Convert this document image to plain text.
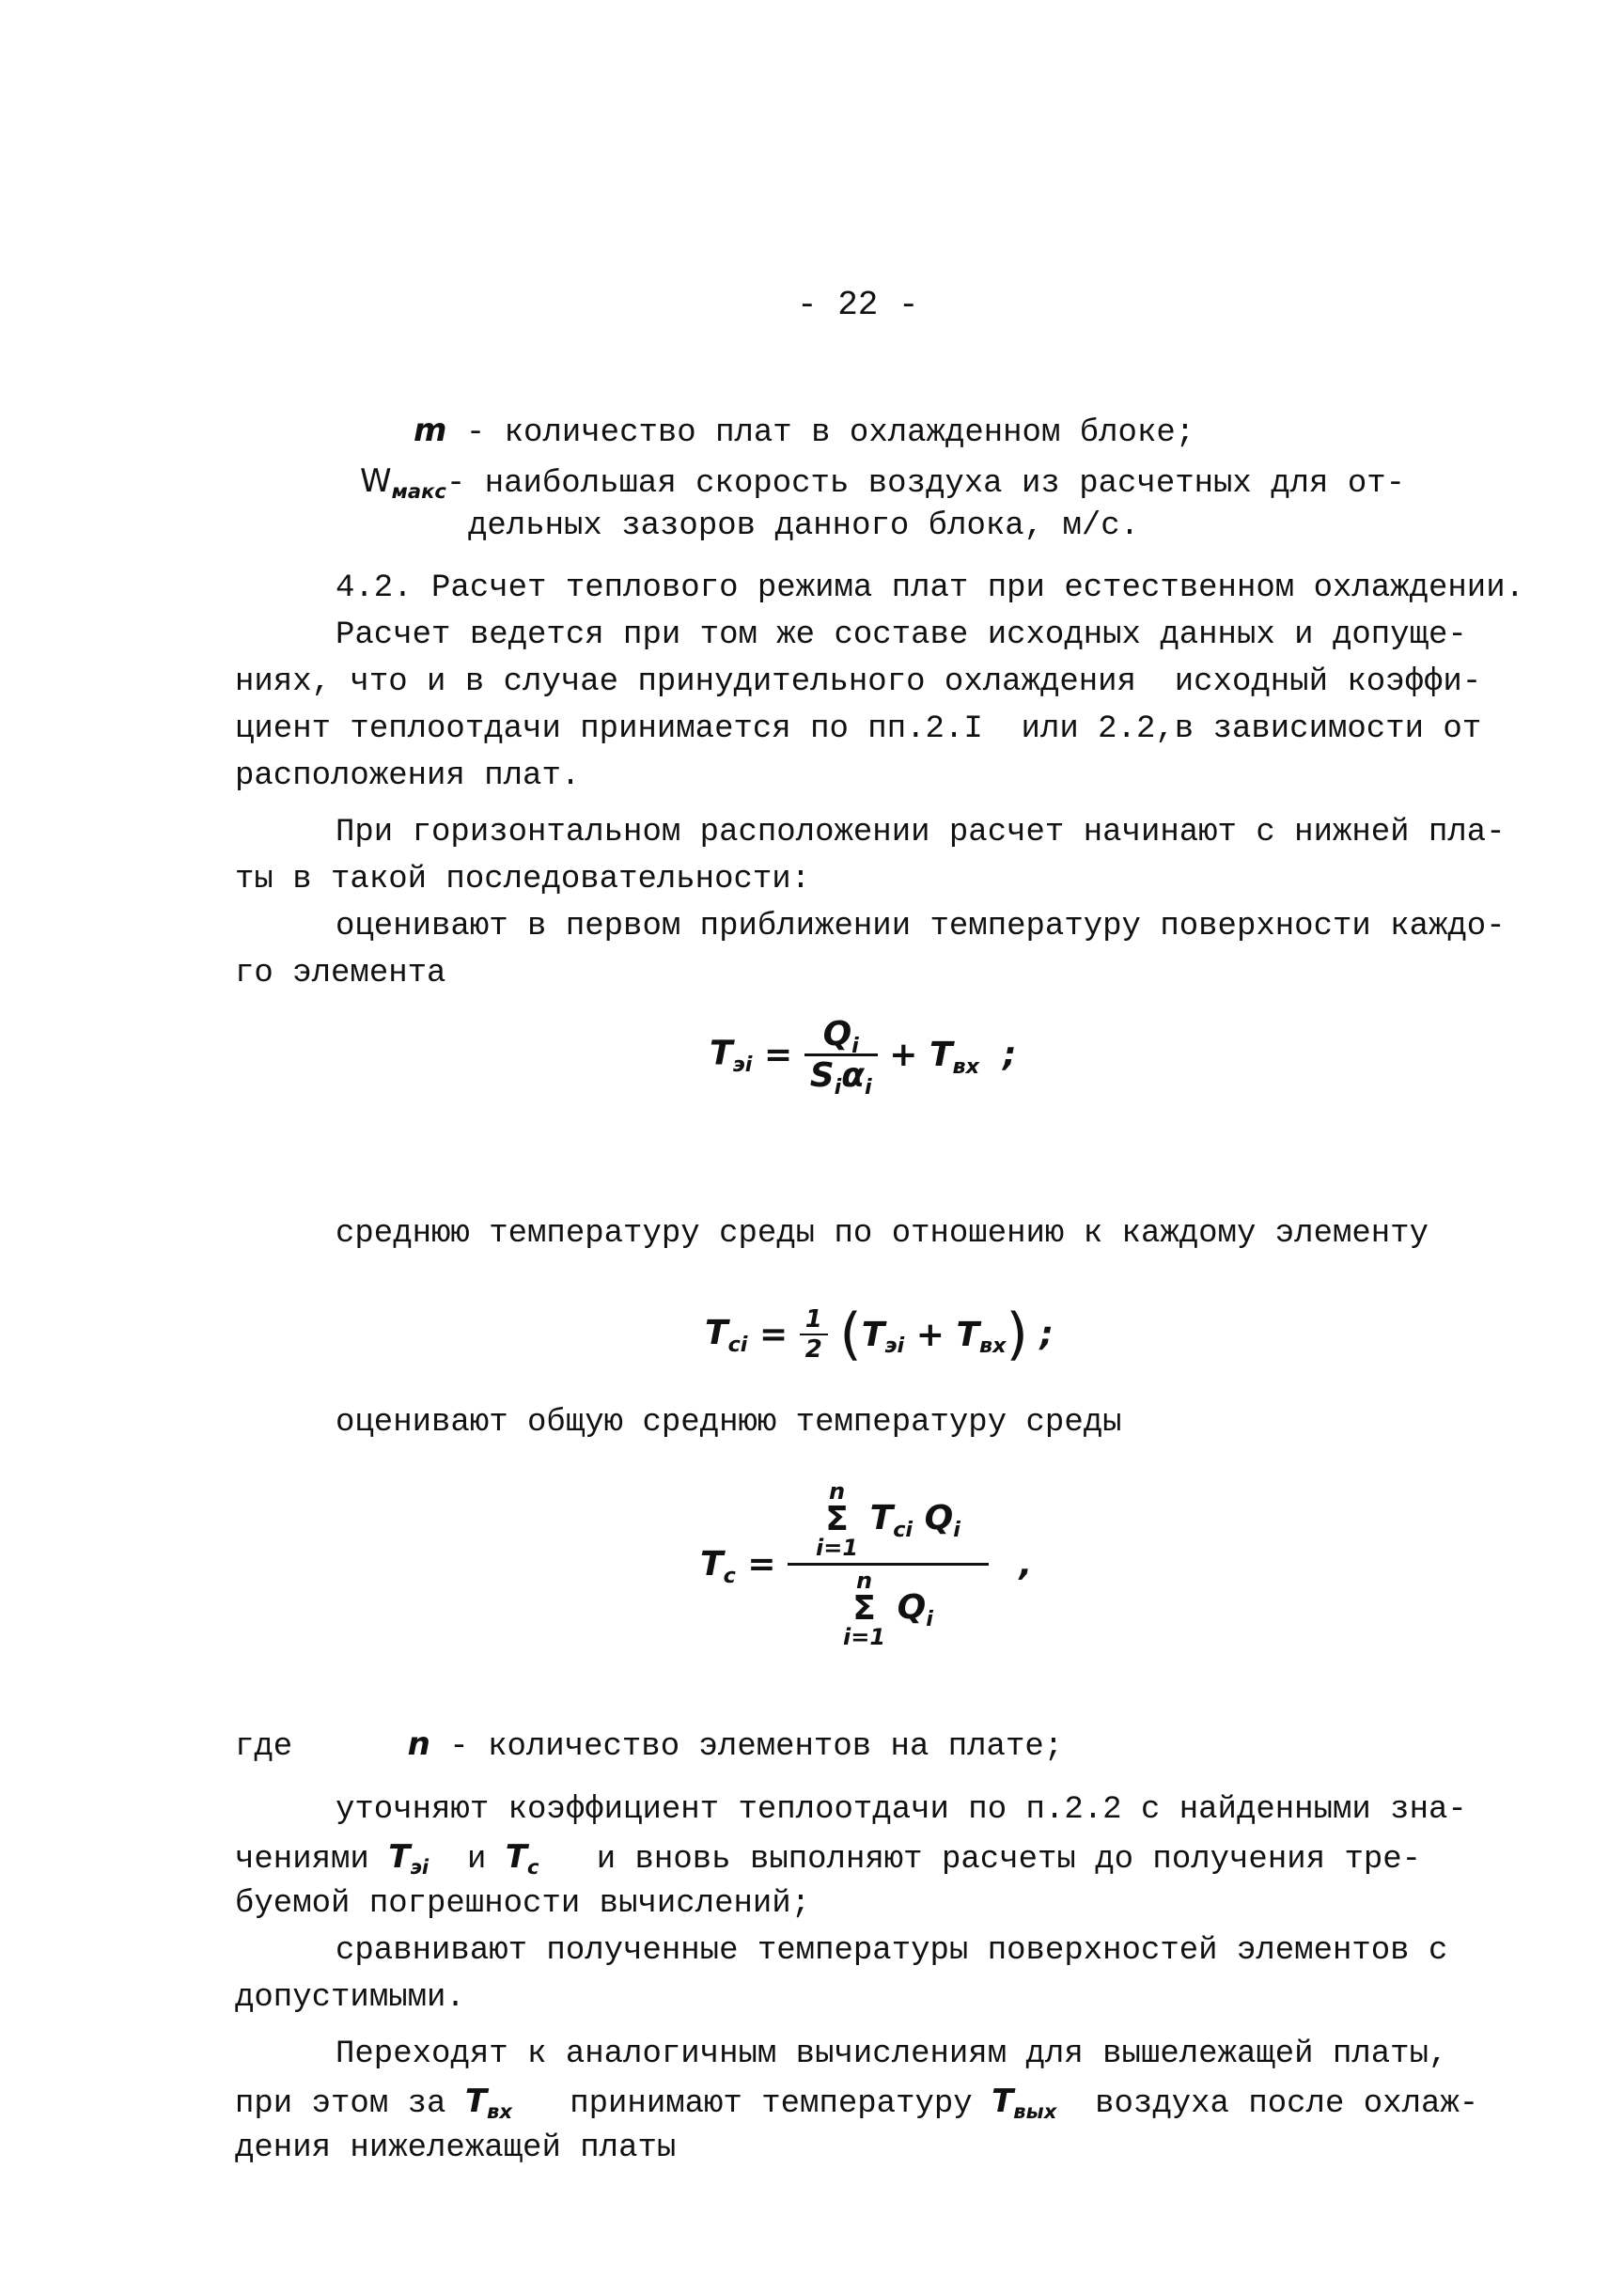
- 22 -
m - количество плат в охлажденном блоке;
$W_{макс}-$ наибольшая скорость воздуха из расчетных для от-
дельных зазоров данного блока, м/с.
4.2. Расчет теплового режима плат при естественном охлаждении.
Расчет ведется при том же составе исходных данных и допуще-
ниях, что и в случае принудительного охлаждения  исходный коэффи-
циент теплоотдачи принимается по пп.2.I  или 2.2,в зависимости от
расположения плат.
При горизонтальном расположении расчет начинают с нижней пла-
ты в такой последовательности:
оценивают в первом приближении температуру поверхности каждо-
го элемента
$T_{эi} = \frac{Q_i}{S_i\alpha_i} + T_{вх}$ ;
среднюю температуру среды по отношению к каждому элементу
$T_{ci} = \frac{1}{2} (T_{эi} + T_{вх})$ ;
оценивают общую среднюю температуру среды
$T_c = n$
Σ
i=1
$T_{ci}$ $Q_i$
n
Σ
i=1
$Q_i$ ,
где	n - количество элементов на плате;
уточняют коэффициент теплоотдачи по п.2.2 с найденными зна-
чениями $T_{эi}$ и $T_c$ и вновь выполняют расчеты до получения тре-
буемой погрешности вычислений;
сравнивают полученные температуры поверхностей элементов с
допустимыми.
Переходят к аналогичным вычислениям для вышележащей платы,
при этом за $T_{вх}$ принимают температуру $T_{вых}$ воздуха после охлаж-
дения нижележащей платы
